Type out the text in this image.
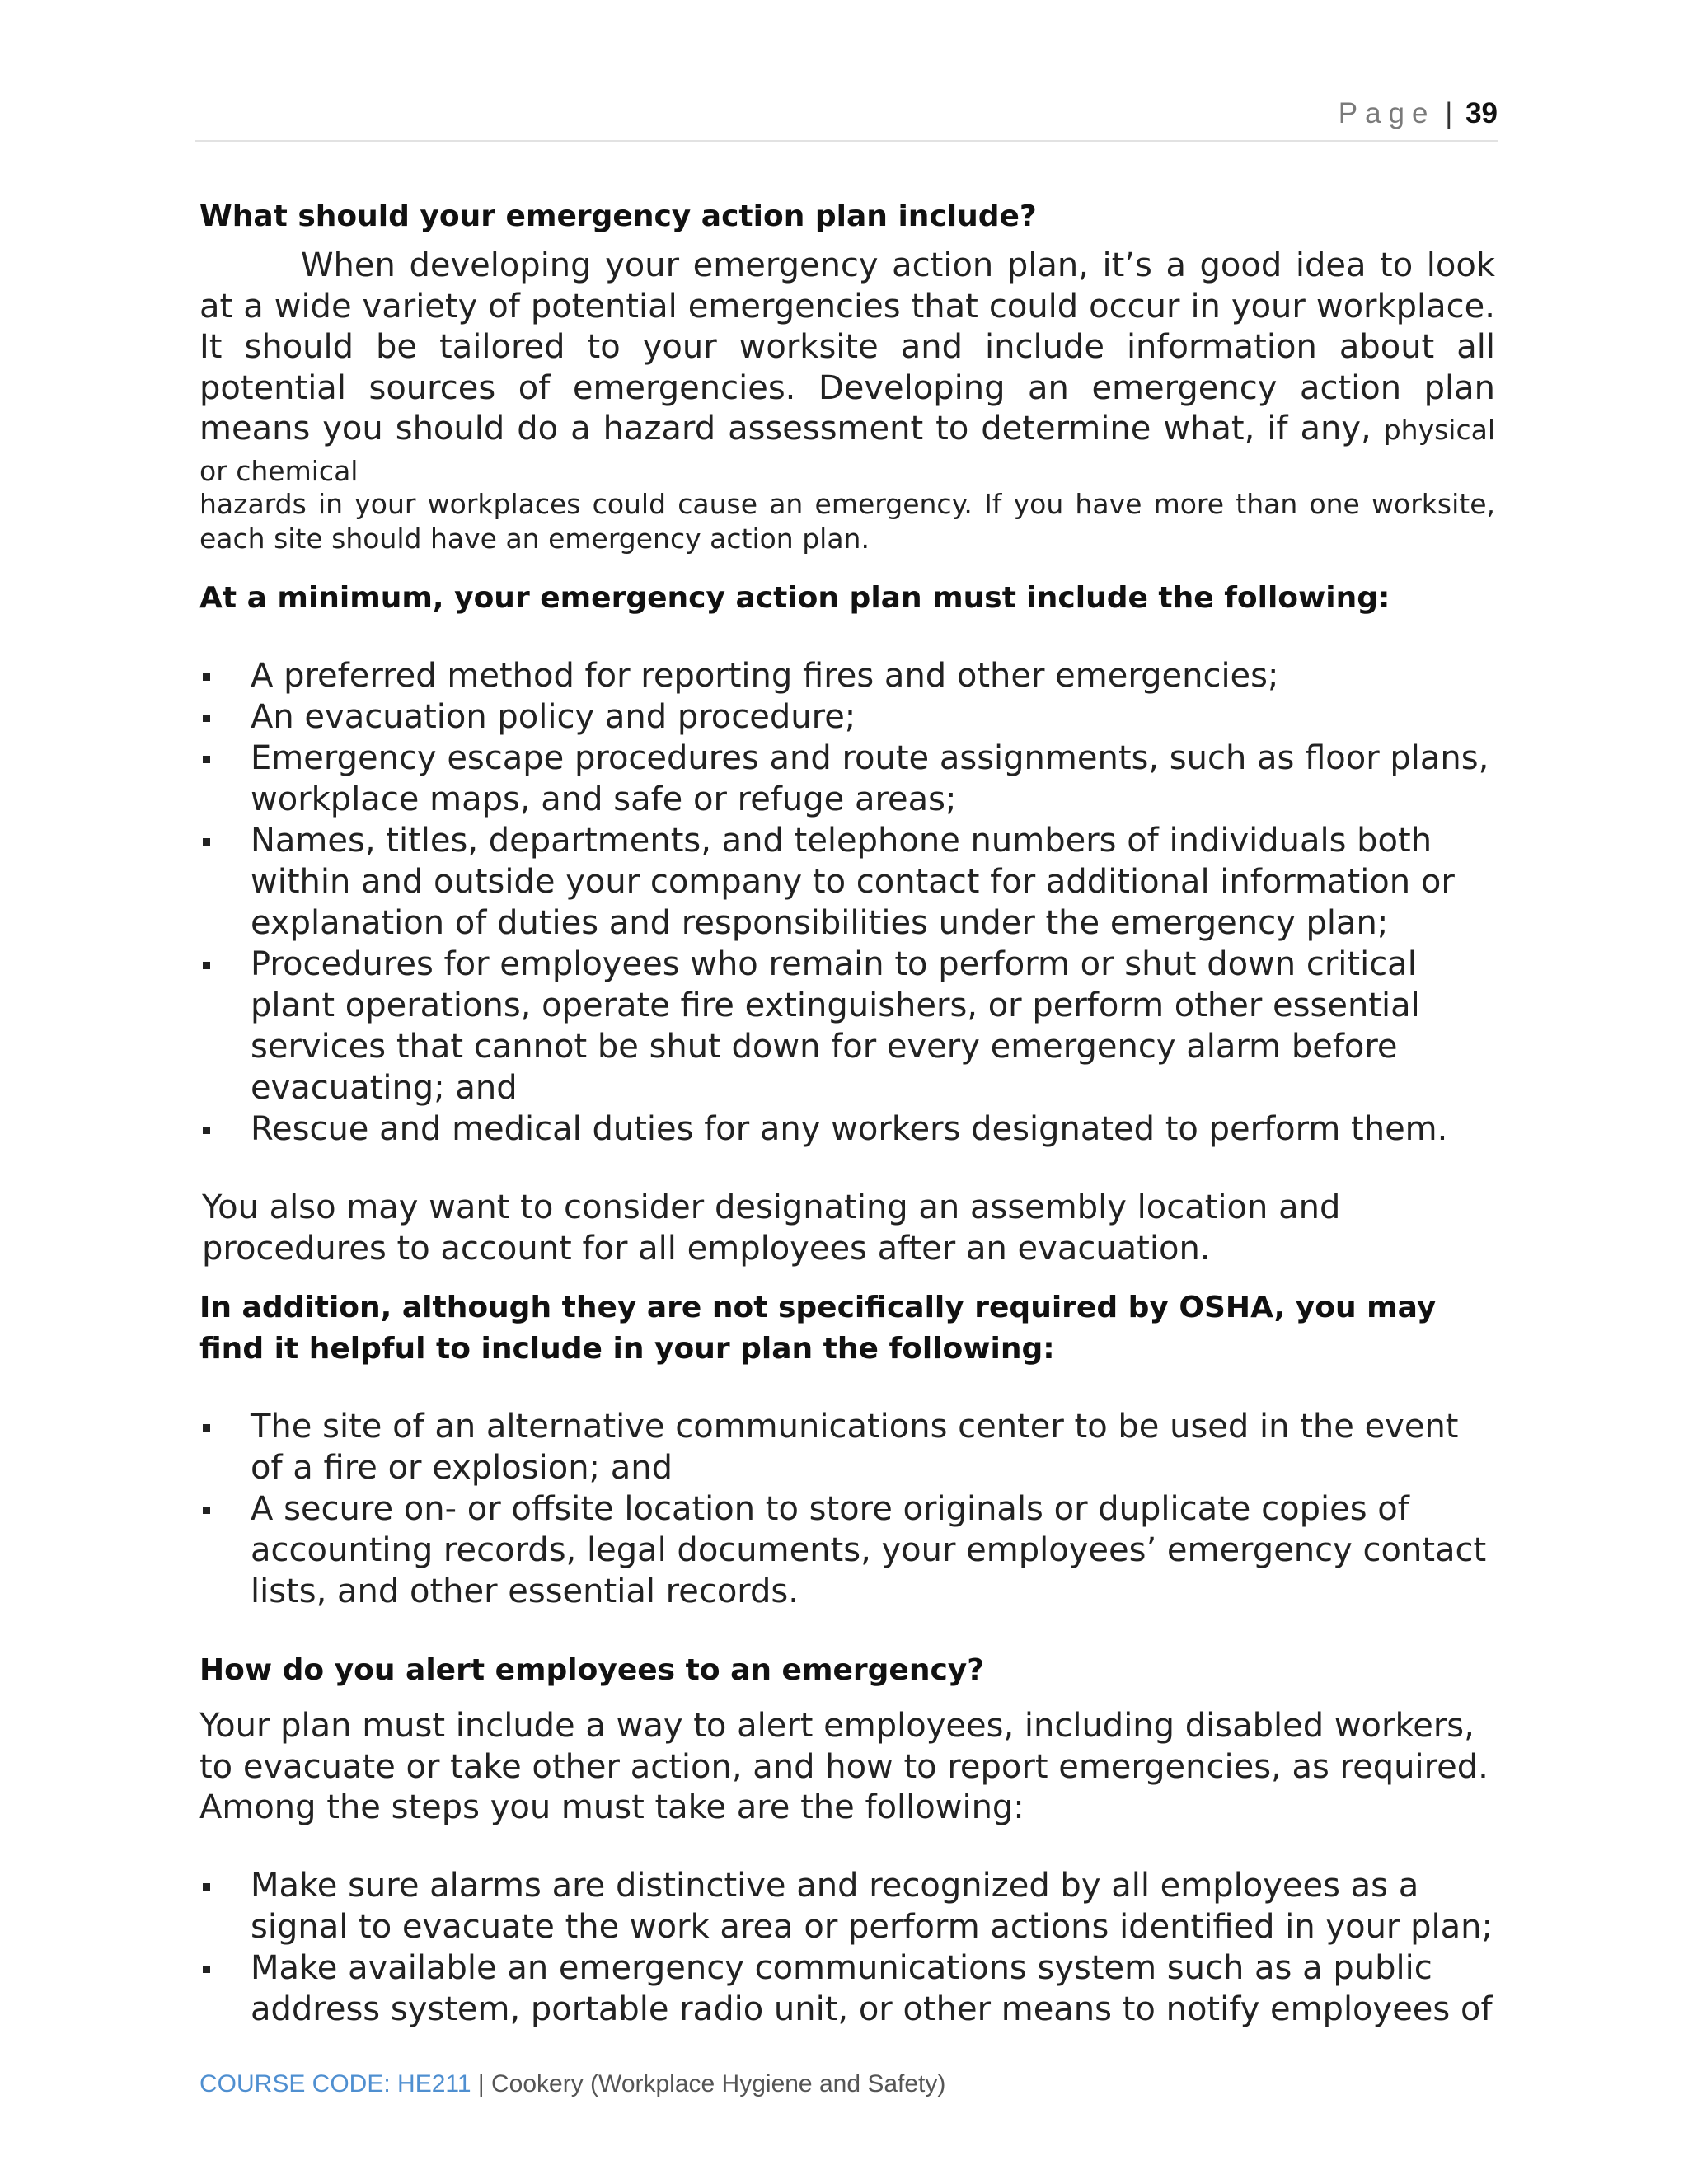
Page | 39
What should your emergency action plan include?
When developing your emergency action plan, it’s a good idea to look at a wide variety of potential emergencies that could occur in your workplace. It should be tailored to your worksite and include information about all potential sources of emergencies. Developing an emergency action plan means you should do a hazard assessment to determine what, if any, physical or chemical
hazards in your workplaces could cause an emergency. If you have more than one worksite, each site should have an emergency action plan.
At a minimum, your emergency action plan must include the following:
A preferred method for reporting fires and other emergencies;
An evacuation policy and procedure;
Emergency escape procedures and route assignments, such as floor plans, workplace maps, and safe or refuge areas;
Names, titles, departments, and telephone numbers of individuals both within and outside your company to contact for additional information or explanation of duties and responsibilities under the emergency plan;
Procedures for employees who remain to perform or shut down critical plant operations, operate fire extinguishers, or perform other essential services that cannot be shut down for every emergency alarm before evacuating; and
Rescue and medical duties for any workers designated to perform them.
You also may want to consider designating an assembly location and procedures to account for all employees after an evacuation.
In addition, although they are not specifically required by OSHA, you may find it helpful to include in your plan the following:
The site of an alternative communications center to be used in the event of a fire or explosion; and
A secure on- or offsite location to store originals or duplicate copies of accounting records, legal documents, your employees’ emergency contact lists, and other essential records.
How do you alert employees to an emergency?
Your plan must include a way to alert employees, including disabled workers, to evacuate or take other action, and how to report emergencies, as required. Among the steps you must take are the following:
Make sure alarms are distinctive and recognized by all employees as a signal to evacuate the work area or perform actions identified in your plan;
Make available an emergency communications system such as a public address system, portable radio unit, or other means to notify employees of
COURSE CODE: HE211 | Cookery (Workplace Hygiene and Safety)
